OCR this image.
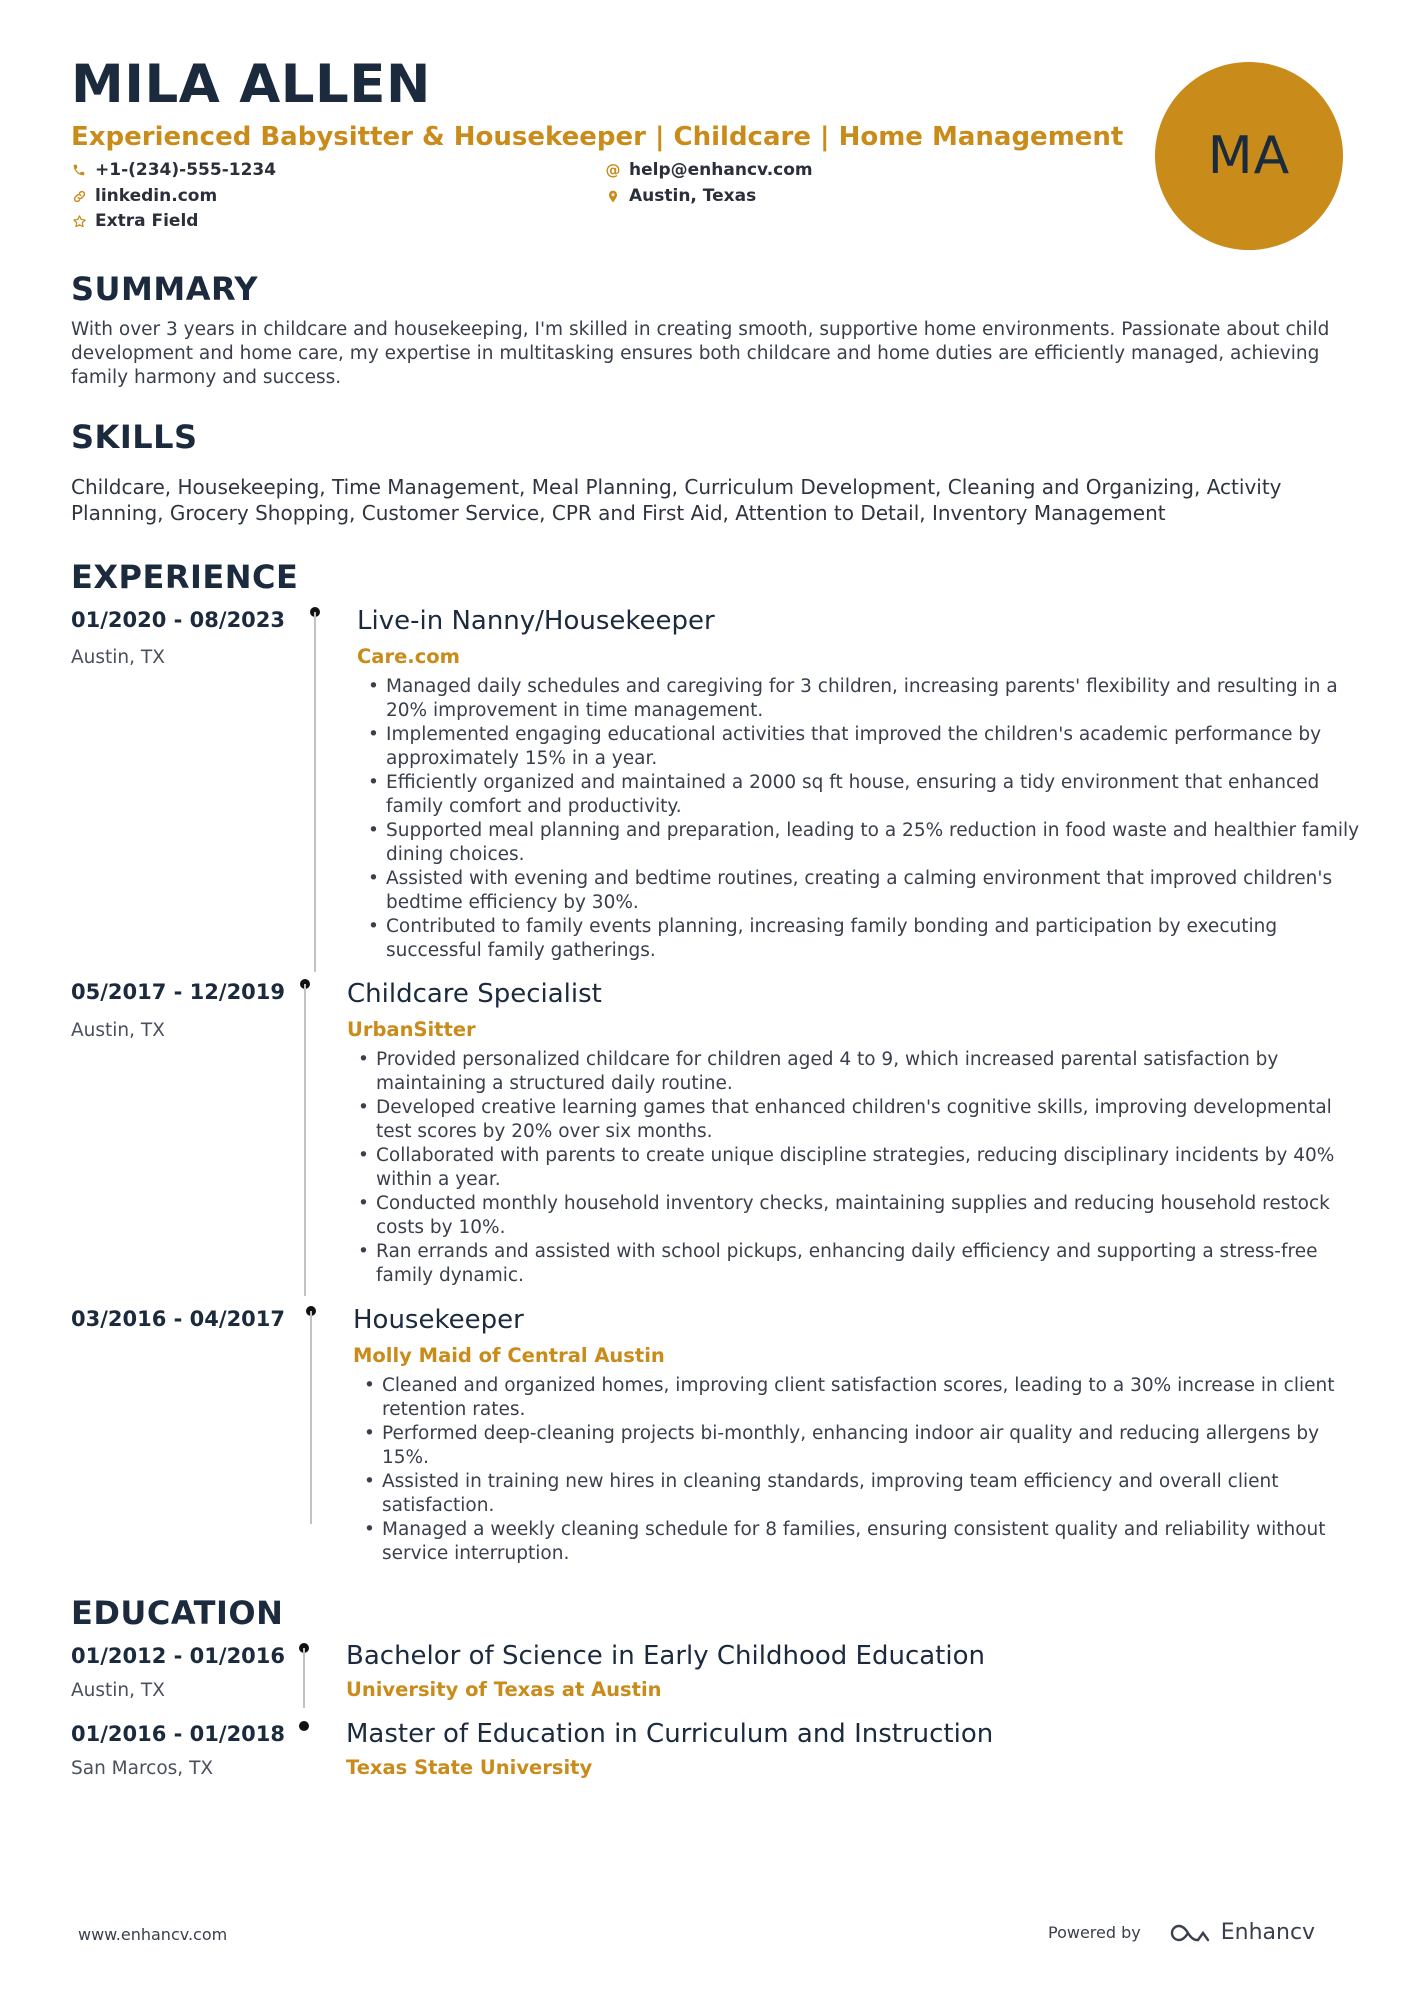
MILA ALLEN
Experienced Babysitter & Housekeeper | Childcare | Home Management
+1-(234)-555-1234	@ help@enhancv.com
linkedin.com	Austin, Texas
Extra Field
MA
SUMMARY
With over 3 years in childcare and housekeeping, I'm skilled in creating smooth, supportive home environments. Passionate about child development and home care, my expertise in multitasking ensures both childcare and home duties are efficiently managed, achieving family harmony and success.
SKILLS
Childcare, Housekeeping, Time Management, Meal Planning, Curriculum Development, Cleaning and Organizing, Activity Planning, Grocery Shopping, Customer Service, CPR and First Aid, Attention to Detail, Inventory Management
EXPERIENCE
01/2020 - 08/2023
Austin, TX
Live-in Nanny/Housekeeper
Care.com
• Managed daily schedules and caregiving for 3 children, increasing parents' flexibility and resulting in a 20% improvement in time management.
• Implemented engaging educational activities that improved the children's academic performance by approximately 15% in a year.
• Efficiently organized and maintained a 2000 sq ft house, ensuring a tidy environment that enhanced family comfort and productivity.
• Supported meal planning and preparation, leading to a 25% reduction in food waste and healthier family dining choices.
• Assisted with evening and bedtime routines, creating a calming environment that improved children's bedtime efficiency by 30%.
• Contributed to family events planning, increasing family bonding and participation by executing successful family gatherings.
05/2017 - 12/2019
Austin, TX
Childcare Specialist
UrbanSitter
• Provided personalized childcare for children aged 4 to 9, which increased parental satisfaction by maintaining a structured daily routine.
• Developed creative learning games that enhanced children's cognitive skills, improving developmental test scores by 20% over six months.
• Collaborated with parents to create unique discipline strategies, reducing disciplinary incidents by 40% within a year.
• Conducted monthly household inventory checks, maintaining supplies and reducing household restock costs by 10%.
• Ran errands and assisted with school pickups, enhancing daily efficiency and supporting a stress-free family dynamic.
03/2016 - 04/2017	Housekeeper
Molly Maid of Central Austin
• Cleaned and organized homes, improving client satisfaction scores, leading to a 30% increase in client retention rates.
• Performed deep-cleaning projects bi-monthly, enhancing indoor air quality and reducing allergens by 15%.
• Assisted in training new hires in cleaning standards, improving team efficiency and overall client satisfaction.
• Managed a weekly cleaning schedule for 8 families, ensuring consistent quality and reliability without service interruption.
EDUCATION
01/2012 - 01/2016
Austin, TX
Bachelor of Science in Early Childhood Education
University of Texas at Austin
01/2016 - 01/2018
San Marcos, TX
Master of Education in Curriculum and Instruction
Texas State University
www.enhancv.com	Powered by	Enhancv
